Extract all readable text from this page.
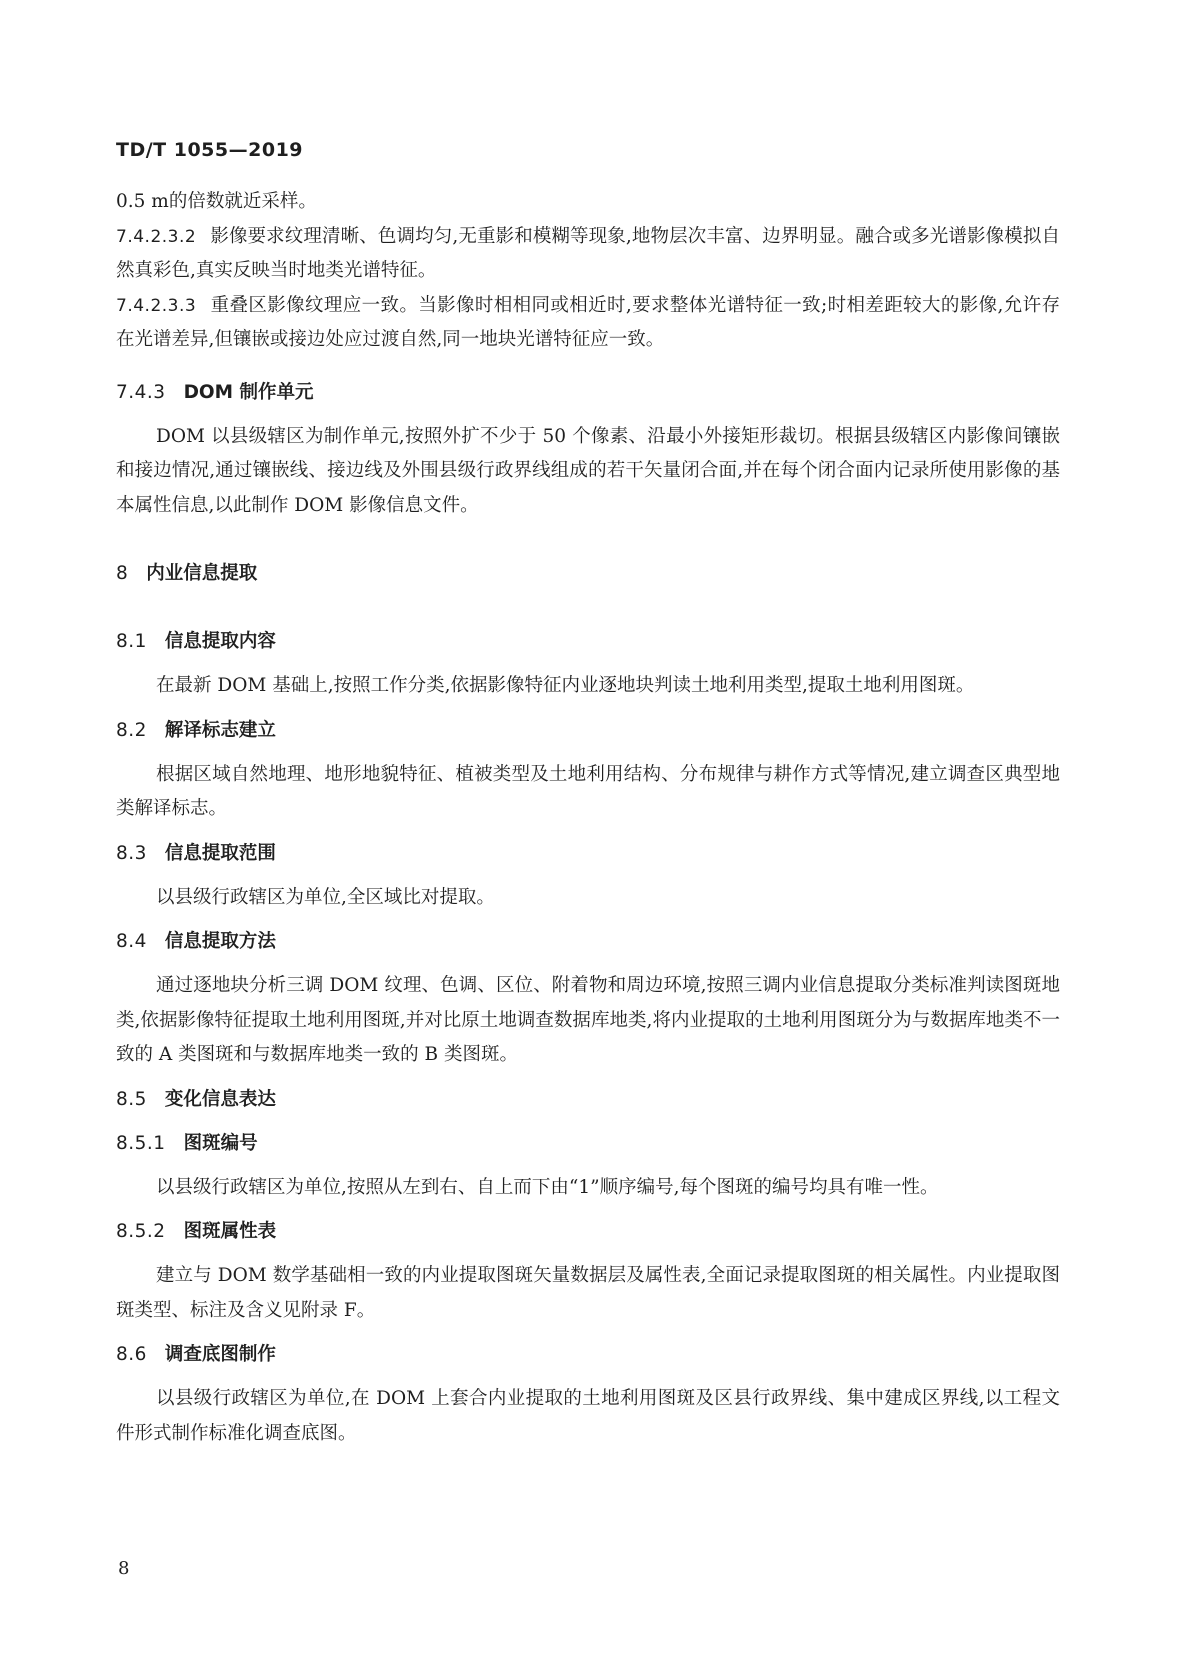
TD/T 1055—2019

0.5 m的倍数就近采样。

7.4.2.3.2 影像要求纹理清晰、色调均匀,无重影和模糊等现象,地物层次丰富、边界明显。融合或多光谱影像模拟自然真彩色,真实反映当时地类光谱特征。

7.4.2.3.3 重叠区影像纹理应一致。当影像时相相同或相近时,要求整体光谱特征一致;时相差距较大的影像,允许存在光谱差异,但镶嵌或接边处应过渡自然,同一地块光谱特征应一致。

7.4.3 DOM 制作单元

DOM 以县级辖区为制作单元,按照外扩不少于 50 个像素、沿最小外接矩形裁切。根据县级辖区内影像间镶嵌和接边情况,通过镶嵌线、接边线及外围县级行政界线组成的若干矢量闭合面,并在每个闭合面内记录所使用影像的基本属性信息,以此制作 DOM 影像信息文件。

8 内业信息提取

8.1 信息提取内容

在最新 DOM 基础上,按照工作分类,依据影像特征内业逐地块判读土地利用类型,提取土地利用图斑。

8.2 解译标志建立

根据区域自然地理、地形地貌特征、植被类型及土地利用结构、分布规律与耕作方式等情况,建立调查区典型地类解译标志。

8.3 信息提取范围

以县级行政辖区为单位,全区域比对提取。

8.4 信息提取方法

通过逐地块分析三调 DOM 纹理、色调、区位、附着物和周边环境,按照三调内业信息提取分类标准判读图斑地类,依据影像特征提取土地利用图斑,并对比原土地调查数据库地类,将内业提取的土地利用图斑分为与数据库地类不一致的 A 类图斑和与数据库地类一致的 B 类图斑。

8.5 变化信息表达

8.5.1 图斑编号

以县级行政辖区为单位,按照从左到右、自上而下由“1”顺序编号,每个图斑的编号均具有唯一性。

8.5.2 图斑属性表

建立与 DOM 数学基础相一致的内业提取图斑矢量数据层及属性表,全面记录提取图斑的相关属性。内业提取图斑类型、标注及含义见附录 F。

8.6 调查底图制作

以县级行政辖区为单位,在 DOM 上套合内业提取的土地利用图斑及区县行政界线、集中建成区界线,以工程文件形式制作标准化调查底图。

8
